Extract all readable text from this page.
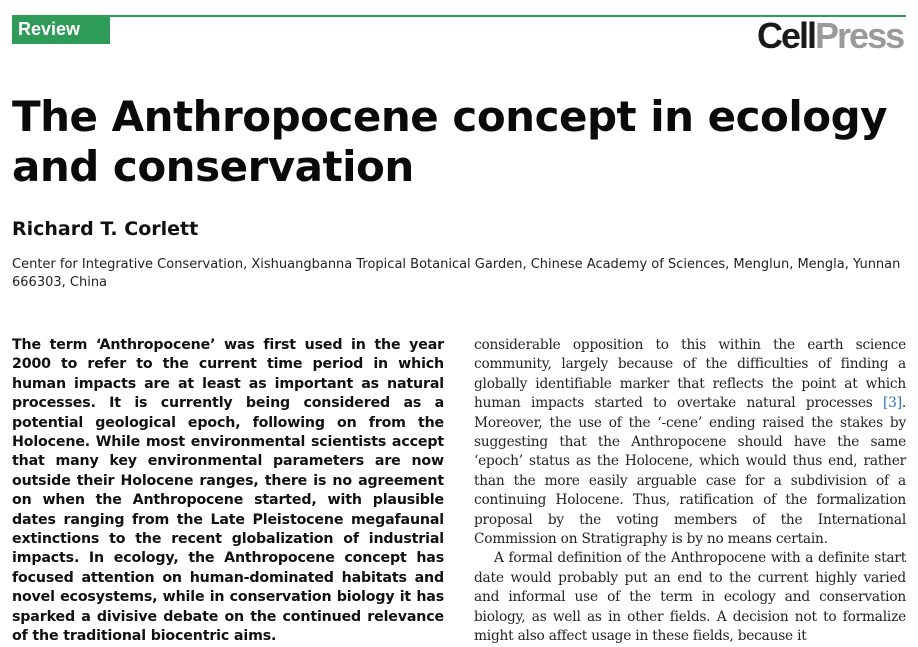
Review	CellPress
The Anthropocene concept in ecology and conservation

Richard T. Corlett

Center for Integrative Conservation, Xishuangbanna Tropical Botanical Garden, Chinese Academy of Sciences, Menglun, Mengla, Yunnan 666303, China

The term ‘Anthropocene’ was first used in the year 2000 to refer to the current time period in which human impacts are at least as important as natural processes. It is currently being considered as a potential geological epoch, following on from the Holocene. While most environmental scientists accept that many key environmental parameters are now outside their Holocene ranges, there is no agreement on when the Anthropocene started, with plausible dates ranging from the Late Pleistocene megafaunal extinctions to the recent globalization of industrial impacts. In ecology, the Anthropocene concept has focused attention on human-dominated habitats and novel ecosystems, while in conservation biology it has sparked a divisive debate on the continued relevance of the traditional biocentric aims.

considerable opposition to this within the earth science community, largely because of the difficulties of finding a globally identifiable marker that reflects the point at which human impacts started to overtake natural processes [3]. Moreover, the use of the ‘-cene’ ending raised the stakes by suggesting that the Anthropocene should have the same ‘epoch’ status as the Holocene, which would thus end, rather than the more easily arguable case for a subdivision of a continuing Holocene. Thus, ratification of the formalization proposal by the voting members of the International Commission on Stratigraphy is by no means certain.

A formal definition of the Anthropocene with a definite start date would probably put an end to the current highly varied and informal use of the term in ecology and conservation biology, as well as in other fields. A decision not to formalize might also affect usage in these fields, because it
